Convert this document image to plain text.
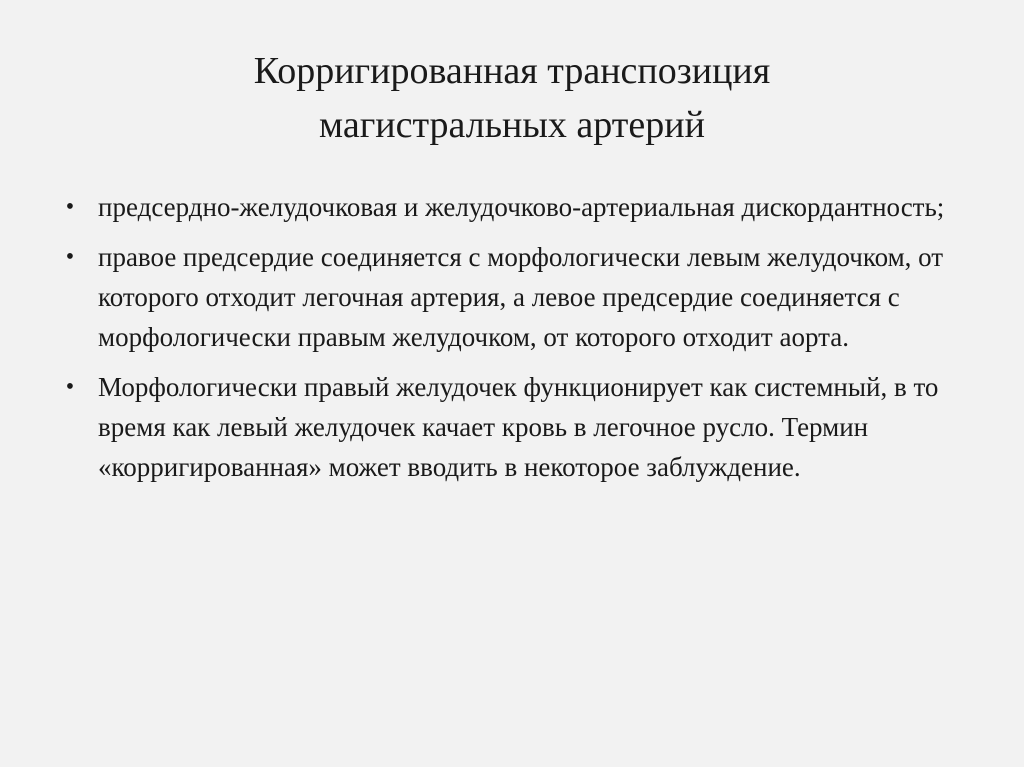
Корригированная транспозиция
магистральных артерий
• предсердно-желудочковая и желудочково-артериальная дискордантность;
• правое предсердие соединяется с морфологически левым желудочком, от которого отходит легочная артерия, а левое предсердие соединяется с морфологически правым желудочком, от которого отходит аорта.
• Морфологически правый желудочек функционирует как системный, в то время как левый желудочек качает кровь в легочное русло. Термин «корригированная» может вводить в некоторое заблуждение.
